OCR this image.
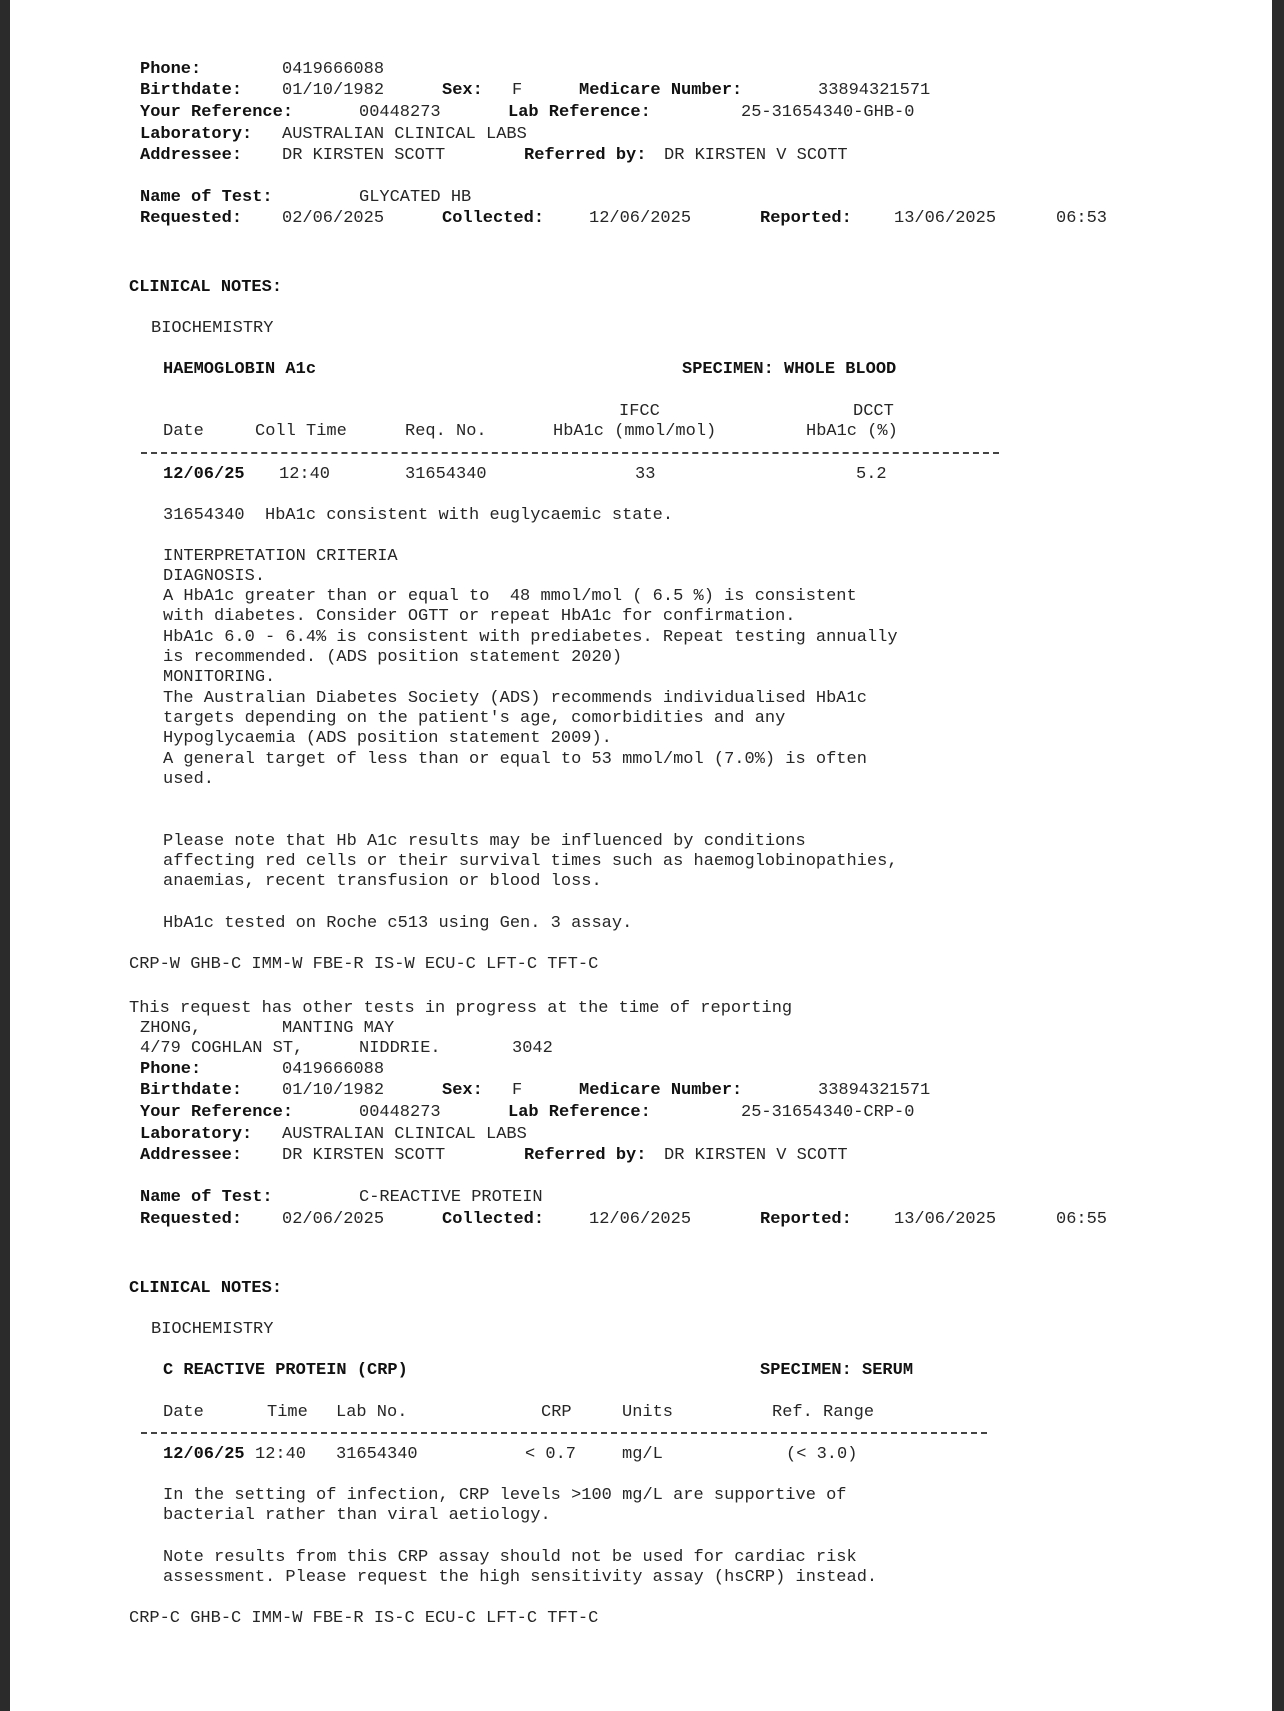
Phone:	0419666088
Birthdate: 01/10/1982	Sex: F	Medicare Number:	33894321571
Your Reference:	00448273	Lab Reference:	25-31654340-GHB-0
Laboratory: AUSTRALIAN CLINICAL LABS
Addressee: DR KIRSTEN SCOTT	Referred by: DR KIRSTEN V SCOTT
Name of Test:	GLYCATED HB
Requested: 02/06/2025	Collected:	12/06/2025	Reported: 13/06/2025	06:53
CLINICAL NOTES:
BIOCHEMISTRY
HAEMOGLOBIN A1c	SPECIMEN: WHOLE BLOOD
IFCC	DCCT
Date	Coll Time	Req. No.	HbA1c (mmol/mol)	HbA1c (%)
12/06/25 12:40	31654340	33	5.2
31654340  HbA1c consistent with euglycaemic state.
INTERPRETATION CRITERIA
DIAGNOSIS.
A HbA1c greater than or equal to  48 mmol/mol ( 6.5 %) is consistent
with diabetes. Consider OGTT or repeat HbA1c for confirmation.
HbA1c 6.0 - 6.4% is consistent with prediabetes. Repeat testing annually
is recommended. (ADS position statement 2020)
MONITORING.
The Australian Diabetes Society (ADS) recommends individualised HbA1c
targets depending on the patient's age, comorbidities and any
Hypoglycaemia (ADS position statement 2009).
A general target of less than or equal to 53 mmol/mol (7.0%) is often
used.
Please note that Hb A1c results may be influenced by conditions
affecting red cells or their survival times such as haemoglobinopathies,
anaemias, recent transfusion or blood loss.
HbA1c tested on Roche c513 using Gen. 3 assay.
CRP-W GHB-C IMM-W FBE-R IS-W ECU-C LFT-C TFT-C
This request has other tests in progress at the time of reporting
ZHONG,	MANTING MAY
4/79 COGHLAN ST,	NIDDRIE.	3042
Phone:	0419666088
Birthdate: 01/10/1982	Sex: F	Medicare Number:	33894321571
Your Reference:	00448273	Lab Reference:	25-31654340-CRP-0
Laboratory: AUSTRALIAN CLINICAL LABS
Addressee: DR KIRSTEN SCOTT	Referred by: DR KIRSTEN V SCOTT
Name of Test:	C-REACTIVE PROTEIN
Requested: 02/06/2025	Collected:	12/06/2025	Reported: 13/06/2025	06:55
CLINICAL NOTES:
BIOCHEMISTRY
C REACTIVE PROTEIN (CRP)	SPECIMEN: SERUM
Date	Time Lab No.	CRP	Units	Ref. Range
12/06/25 12:40 31654340	< 0.7	mg/L	(< 3.0)
In the setting of infection, CRP levels >100 mg/L are supportive of
bacterial rather than viral aetiology.
Note results from this CRP assay should not be used for cardiac risk
assessment. Please request the high sensitivity assay (hsCRP) instead.
CRP-C GHB-C IMM-W FBE-R IS-C ECU-C LFT-C TFT-C
